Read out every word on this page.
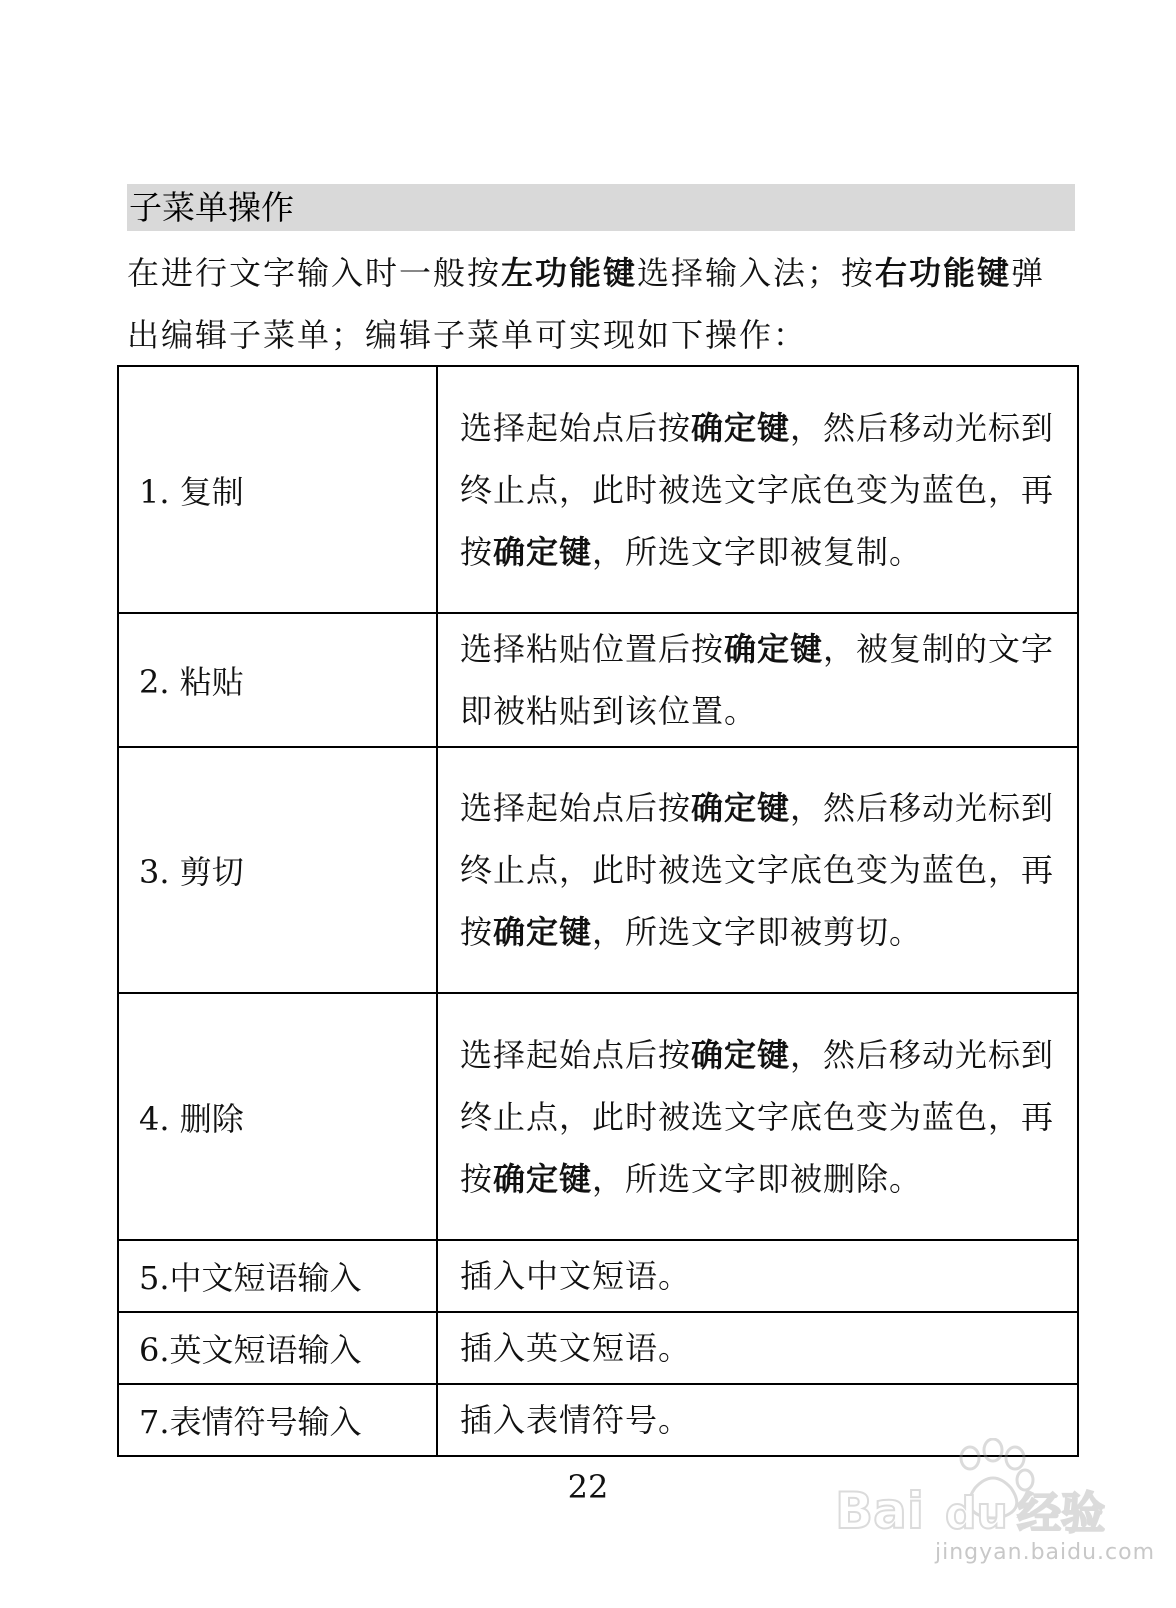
子菜单操作
在进行文字输入时一般按左功能键选择输入法；按右功能键弹出编辑子菜单；编辑子菜单可实现如下操作：
1. 复制	选择起始点后按确定键，然后移动光标到终止点，此时被选文字底色变为蓝色，再按确定键，所选文字即被复制。
2. 粘贴	选择粘贴位置后按确定键，被复制的文字即被粘贴到该位置。
3. 剪切	选择起始点后按确定键，然后移动光标到终止点，此时被选文字底色变为蓝色，再按确定键，所选文字即被剪切。
4. 删除	选择起始点后按确定键，然后移动光标到终止点，此时被选文字底色变为蓝色，再按确定键，所选文字即被删除。
5.中文短语输入	插入中文短语。
6.英文短语输入	插入英文短语。
7.表情符号输入	插入表情符号。
22	Bai du 经验
jingyan.baidu.com
